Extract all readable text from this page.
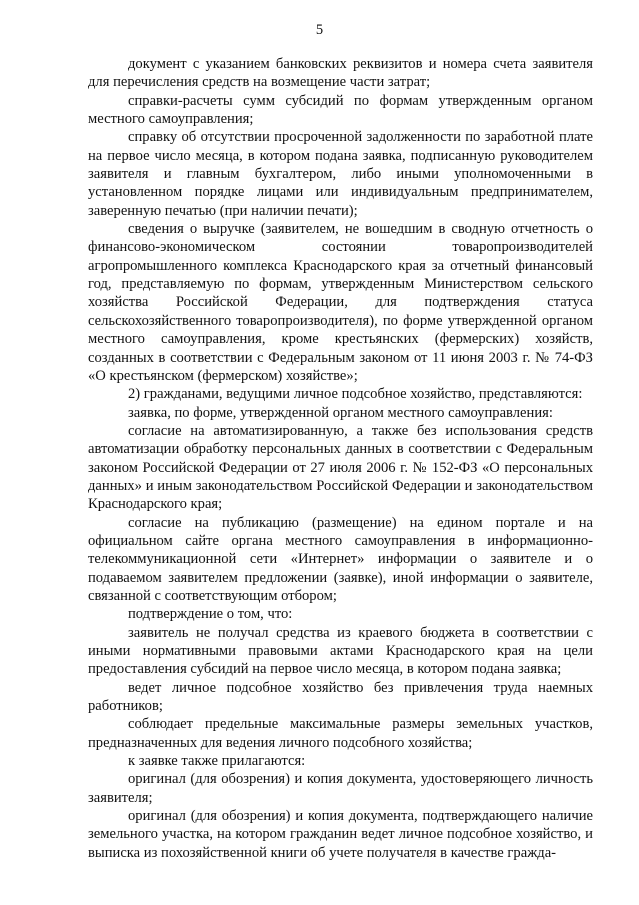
5

документ с указанием банковских реквизитов и номера счета заявителя для перечисления средств на возмещение части затрат;

справки-расчеты сумм субсидий по формам утвержденным органом местного самоуправления;

справку об отсутствии просроченной задолженности по заработной плате на первое число месяца, в котором подана заявка, подписанную руководителем заявителя и главным бухгалтером, либо иными уполномоченными в установленном порядке лицами или индивидуальным предпринимателем, заверенную печатью (при наличии печати);

сведения о выручке (заявителем, не вошедшим в сводную отчетность о финансово-экономическом состоянии товаропроизводителей агропромышленного комплекса Краснодарского края за отчетный финансовый год, представляемую по формам, утвержденным Министерством сельского хозяйства Российской Федерации, для подтверждения статуса сельскохозяйственного товаропроизводителя), по форме утвержденной органом местного самоуправления, кроме крестьянских (фермерских) хозяйств, созданных в соответствии с Федеральным законом от 11 июня 2003 г. № 74-ФЗ «О крестьянском (фермерском) хозяйстве»;

2) гражданами, ведущими личное подсобное хозяйство, представляются:

заявка, по форме, утвержденной органом местного самоуправления:

согласие на автоматизированную, а также без использования средств автоматизации обработку персональных данных в соответствии с Федеральным законом Российской Федерации от 27 июля 2006 г. № 152-ФЗ «О персональных данных» и иным законодательством Российской Федерации и законодательством Краснодарского края;

согласие на публикацию (размещение) на едином портале и на официальном сайте органа местного самоуправления в информационно-телекоммуникационной сети «Интернет» информации о заявителе и о подаваемом заявителем предложении (заявке), иной информации о заявителе, связанной с соответствующим отбором;

подтверждение о том, что:

заявитель не получал средства из краевого бюджета в соответствии с иными нормативными правовыми актами Краснодарского края на цели предоставления субсидий на первое число месяца, в котором подана заявка;

ведет личное подсобное хозяйство без привлечения труда наемных работников;

соблюдает предельные максимальные размеры земельных участков, предназначенных для ведения личного подсобного хозяйства;

к заявке также прилагаются:

оригинал (для обозрения) и копия документа, удостоверяющего личность заявителя;

оригинал (для обозрения) и копия документа, подтверждающего наличие земельного участка, на котором гражданин ведет личное подсобное хозяйство, и выписка из похозяйственной книги об учете получателя в качестве гражда-
